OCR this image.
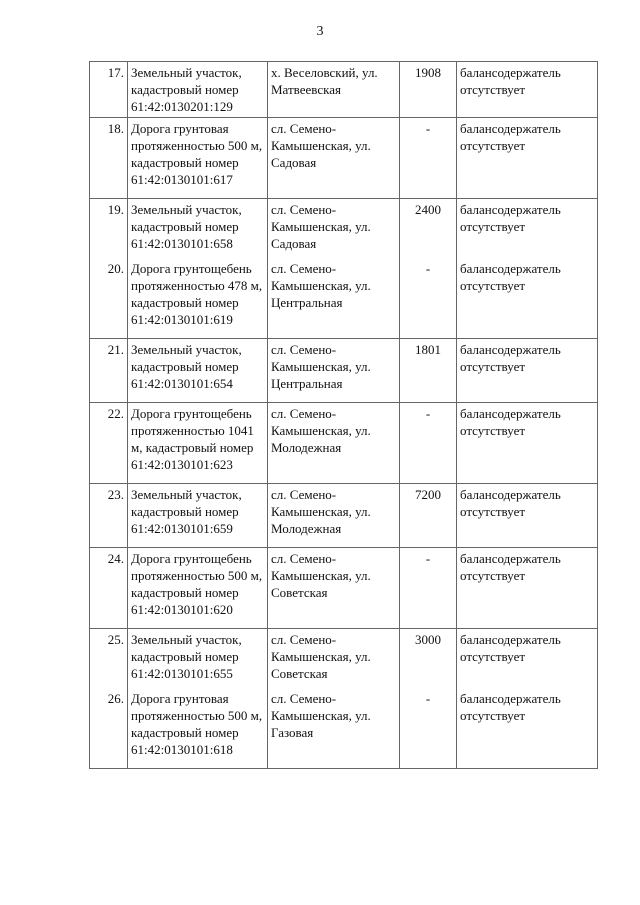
3
17.	Земельный участок, кадастровый номер 61:42:0130201:129	х. Веселовский, ул. Матвеевская	1908	балансодержатель отсутствует
18.	Дорога грунтовая протяженностью 500 м, кадастровый номер 61:42:0130101:617	сл. Семено-Камышенская, ул. Садовая	-	балансодержатель отсутствует
19.	Земельный участок, кадастровый номер 61:42:0130101:658	сл. Семено-Камышенская, ул. Садовая	2400	балансодержатель отсутствует
20.	Дорога грунтощебень протяженностью 478 м, кадастровый номер 61:42:0130101:619	сл. Семено-Камышенская, ул. Центральная	-	балансодержатель отсутствует
21.	Земельный участок, кадастровый номер 61:42:0130101:654	сл. Семено-Камышенская, ул. Центральная	1801	балансодержатель отсутствует
22.	Дорога грунтощебень протяженностью 1041 м, кадастровый номер 61:42:0130101:623	сл. Семено-Камышенская, ул. Молодежная	-	балансодержатель отсутствует
23.	Земельный участок, кадастровый номер 61:42:0130101:659	сл. Семено-Камышенская, ул. Молодежная	7200	балансодержатель отсутствует
24.	Дорога грунтощебень протяженностью 500 м, кадастровый номер 61:42:0130101:620	сл. Семено-Камышенская, ул. Советская	-	балансодержатель отсутствует
25.	Земельный участок, кадастровый номер 61:42:0130101:655	сл. Семено-Камышенская, ул. Советская	3000	балансодержатель отсутствует
26.	Дорога грунтовая протяженностью 500 м, кадастровый номер 61:42:0130101:618	сл. Семено-Камышенская, ул. Газовая	-	балансодержатель отсутствует
